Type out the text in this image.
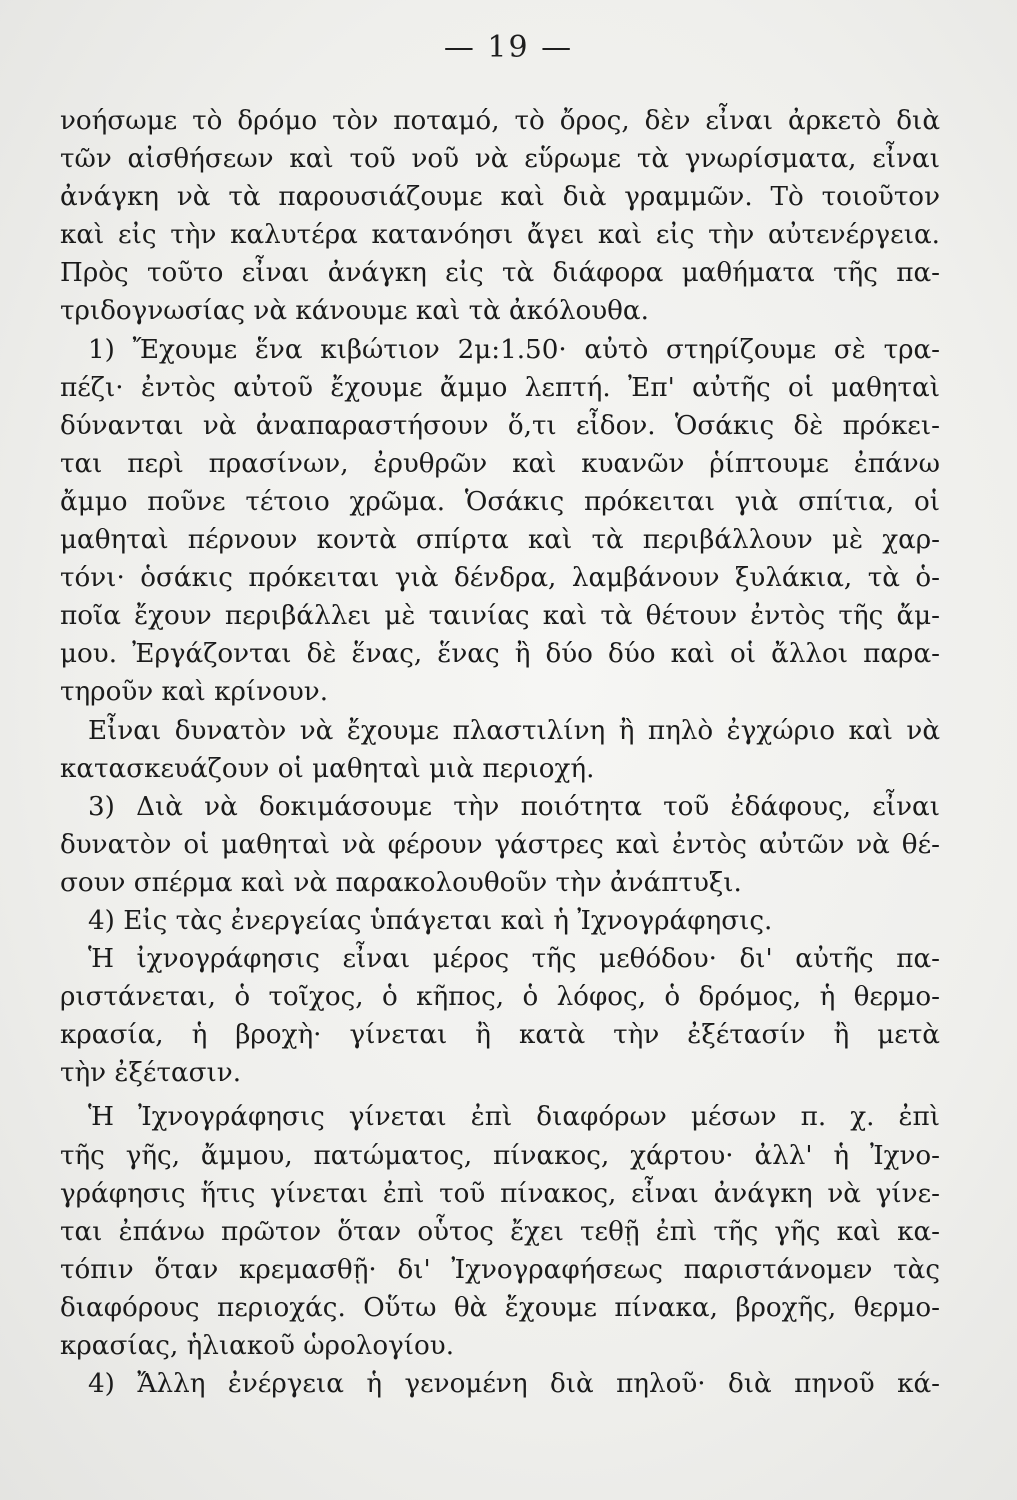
— 19 —
νοήσωμε τὸ δρόμο τὸν ποταμό, τὸ ὄρος, δὲν εἶναι ἀρκετὸ διὰ
τῶν αἰσθήσεων καὶ τοῦ νοῦ νὰ εὕρωμε τὰ γνωρίσματα, εἶναι
ἀνάγκη νὰ τὰ παρουσιάζουμε καὶ διὰ γραμμῶν. Τὸ τοιοῦτον
καὶ εἰς τὴν καλυτέρα κατανόησι ἄγει καὶ εἰς τὴν αὐτενέργεια.
Πρὸς τοῦτο εἶναι ἀνάγκη εἰς τὰ διάφορα μαθήματα τῆς πα-
τριδογνωσίας νὰ κάνουμε καὶ τὰ ἀκόλουθα.
1) Ἔχουμε ἕνα κιβώτιον 2μ:1.50· αὐτὸ στηρίζουμε σὲ τρα-
πέζι· ἐντὸς αὐτοῦ ἔχουμε ἄμμο λεπτή. Ἐπ' αὐτῆς οἱ μαθηταὶ
δύνανται νὰ ἀναπαραστήσουν ὅ,τι εἶδον. Ὁσάκις δὲ πρόκει-
ται περὶ πρασίνων, ἐρυθρῶν καὶ κυανῶν ῥίπτουμε ἐπάνω
ἄμμο ποῦνε τέτοιο χρῶμα. Ὁσάκις πρόκειται γιὰ σπίτια, οἱ
μαθηταὶ πέρνουν κοντὰ σπίρτα καὶ τὰ περιβάλλουν μὲ χαρ-
τόνι· ὁσάκις πρόκειται γιὰ δένδρα, λαμβάνουν ξυλάκια, τὰ ὁ-
ποῖα ἔχουν περιβάλλει μὲ ταινίας καὶ τὰ θέτουν ἐντὸς τῆς ἄμ-
μου. Ἐργάζονται δὲ ἕνας, ἕνας ἢ δύο δύο καὶ οἱ ἄλλοι παρα-
τηροῦν καὶ κρίνουν.
Εἶναι δυνατὸν νὰ ἔχουμε πλαστιλίνη ἢ πηλὸ ἐγχώριο καὶ νὰ
κατασκευάζουν οἱ μαθηταὶ μιὰ περιοχή.
3) Διὰ νὰ δοκιμάσουμε τὴν ποιότητα τοῦ ἐδάφους, εἶναι
δυνατὸν οἱ μαθηταὶ νὰ φέρουν γάστρες καὶ ἐντὸς αὐτῶν νὰ θέ-
σουν σπέρμα καὶ νὰ παρακολουθοῦν τὴν ἀνάπτυξι.
4) Εἰς τὰς ἐνεργείας ὑπάγεται καὶ ἡ Ἰχνογράφησις.
Ἡ ἰχνογράφησις εἶναι μέρος τῆς μεθόδου· δι' αὐτῆς πα-
ριστάνεται, ὁ τοῖχος, ὁ κῆπος, ὁ λόφος, ὁ δρόμος, ἡ θερμο-
κρασία, ἡ βροχὴ· γίνεται ἢ κατὰ τὴν ἐξέτασίν ἢ μετὰ
τὴν ἐξέτασιν.
Ἡ Ἰχνογράφησις γίνεται ἐπὶ διαφόρων μέσων π. χ. ἐπὶ
τῆς γῆς, ἄμμου, πατώματος, πίνακος, χάρτου· ἀλλ' ἡ Ἰχνο-
γράφησις ἥτις γίνεται ἐπὶ τοῦ πίνακος, εἶναι ἀνάγκη νὰ γίνε-
ται ἐπάνω πρῶτον ὅταν οὗτος ἔχει τεθῇ ἐπὶ τῆς γῆς καὶ κα-
τόπιν ὅταν κρεμασθῇ· δι' Ἰχνογραφήσεως παριστάνομεν τὰς
διαφόρους περιοχάς. Οὕτω θὰ ἔχουμε πίνακα, βροχῆς, θερμο-
κρασίας, ἡλιακοῦ ὡρολογίου.
4) Ἄλλη ἐνέργεια ἡ γενομένη διὰ πηλοῦ· διὰ πηνοῦ κά-
